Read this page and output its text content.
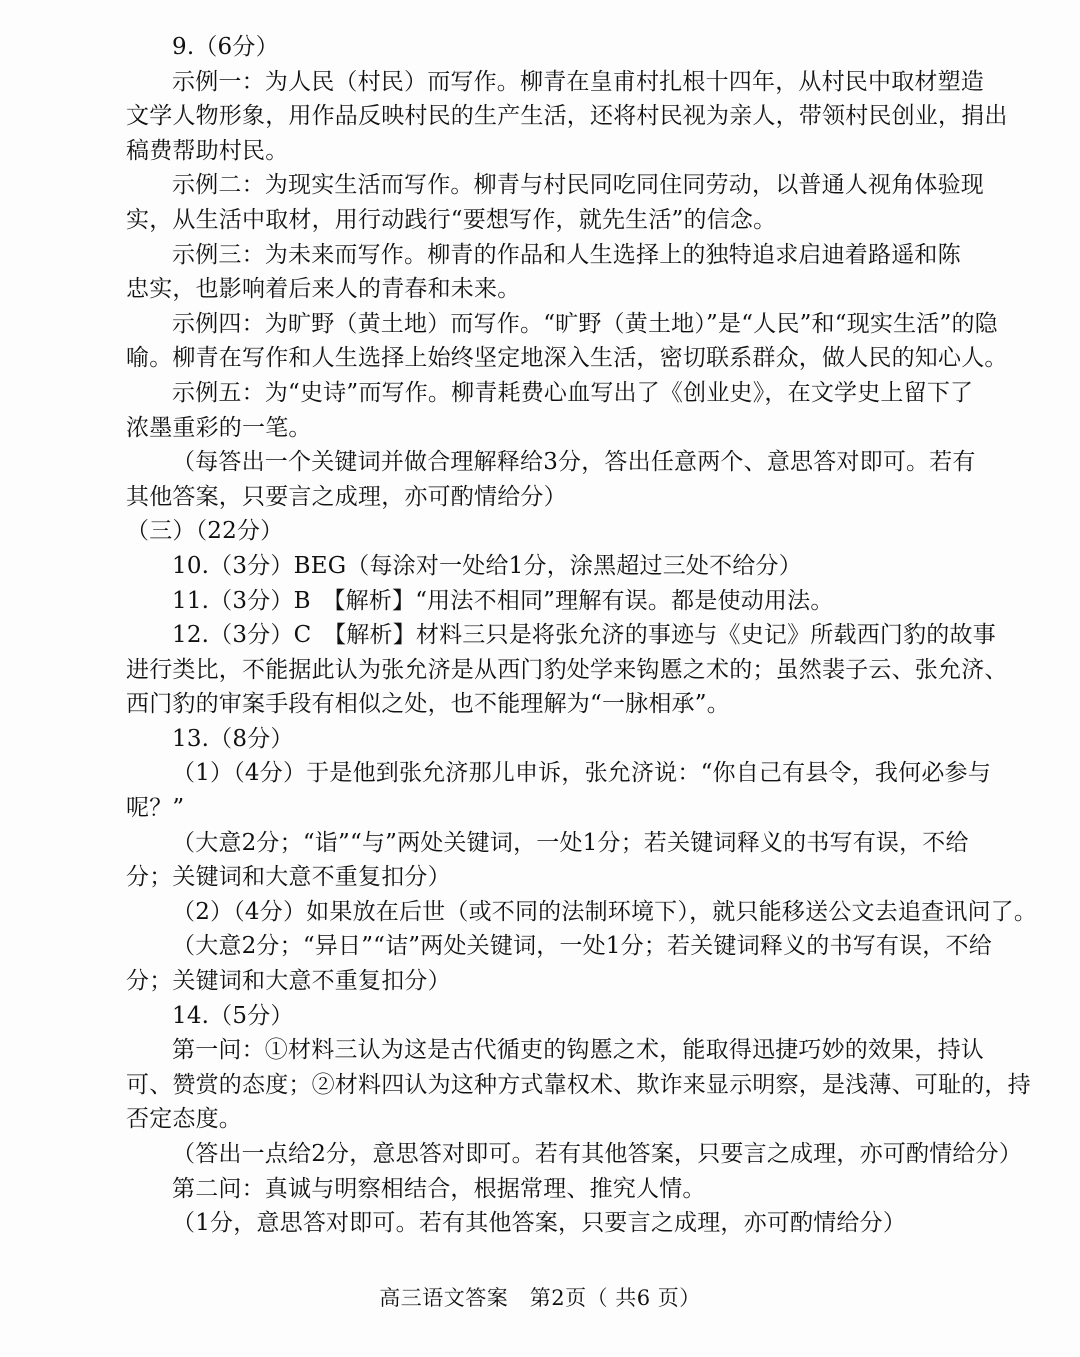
9.（6分）
示例一：为人民（村民）而写作。柳青在皇甫村扎根十四年，从村民中取材塑造
文学人物形象，用作品反映村民的生产生活，还将村民视为亲人，带领村民创业，捐出
稿费帮助村民。
示例二：为现实生活而写作。柳青与村民同吃同住同劳动，以普通人视角体验现
实，从生活中取材，用行动践行“要想写作，就先生活”的信念。
示例三：为未来而写作。柳青的作品和人生选择上的独特追求启迪着路遥和陈
忠实，也影响着后来人的青春和未来。
示例四：为旷野（黄土地）而写作。“旷野（黄土地）”是“人民”和“现实生活”的隐
喻。柳青在写作和人生选择上始终坚定地深入生活，密切联系群众，做人民的知心人。
示例五：为“史诗”而写作。柳青耗费心血写出了《创业史》，在文学史上留下了
浓墨重彩的一笔。
（每答出一个关键词并做合理解释给3分，答出任意两个、意思答对即可。若有
其他答案，只要言之成理，亦可酌情给分）
（三）（22分）
10.（3分）BEG（每涂对一处给1分，涂黑超过三处不给分）
11.（3分）B　【解析】“用法不相同”理解有误。都是使动用法。
12.（3分）C　【解析】材料三只是将张允济的事迹与《史记》所载西门豹的故事
进行类比，不能据此认为张允济是从西门豹处学来钩慝之术的；虽然裴子云、张允济、
西门豹的审案手段有相似之处，也不能理解为“一脉相承”。
13.（8分）
（1）（4分）于是他到张允济那儿申诉，张允济说：“你自己有县令，我何必参与
呢？”
（大意2分；“诣”“与”两处关键词，一处1分；若关键词释义的书写有误，不给
分；关键词和大意不重复扣分）
（2）（4分）如果放在后世（或不同的法制环境下），就只能移送公文去追查讯问了。
（大意2分；“异日”“诘”两处关键词，一处1分；若关键词释义的书写有误，不给
分；关键词和大意不重复扣分）
14.（5分）
第一问：①材料三认为这是古代循吏的钩慝之术，能取得迅捷巧妙的效果，持认
可、赞赏的态度；②材料四认为这种方式靠权术、欺诈来显示明察，是浅薄、可耻的，持
否定态度。
（答出一点给2分，意思答对即可。若有其他答案，只要言之成理，亦可酌情给分）
第二问：真诚与明察相结合，根据常理、推究人情。
（1分，意思答对即可。若有其他答案，只要言之成理，亦可酌情给分）
高三语文答案　第2页（ 共6 页）
